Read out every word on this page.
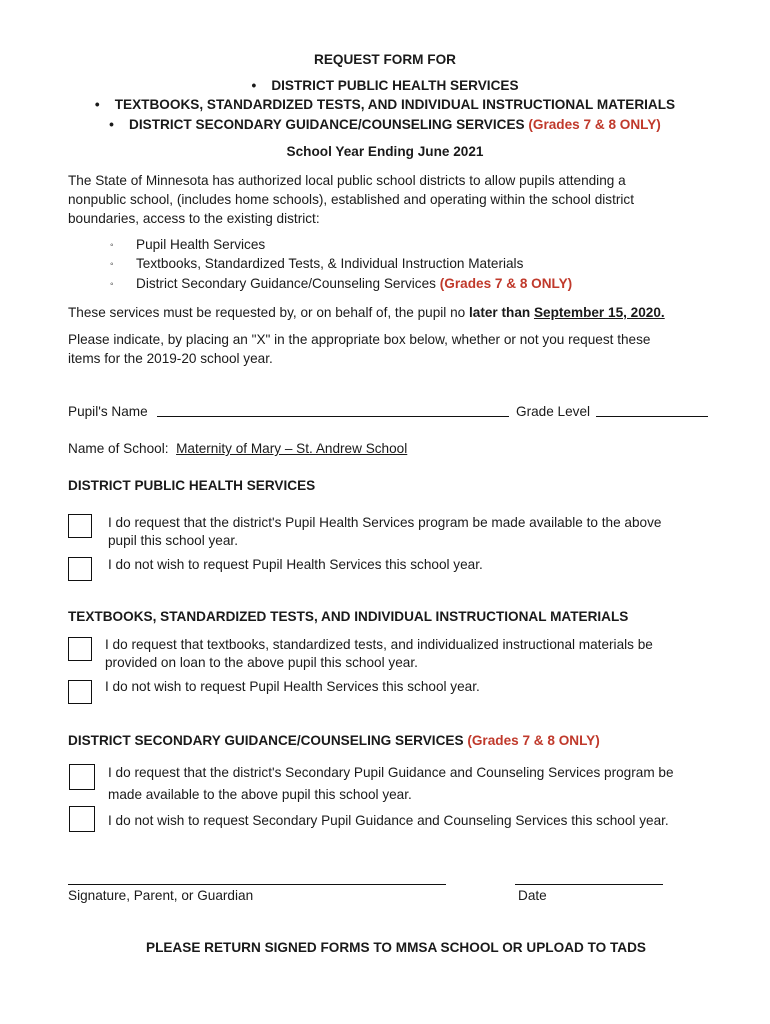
REQUEST FORM FOR
• DISTRICT PUBLIC HEALTH SERVICES
• TEXTBOOKS, STANDARDIZED TESTS, AND INDIVIDUAL INSTRUCTIONAL MATERIALS
• DISTRICT SECONDARY GUIDANCE/COUNSELING SERVICES (Grades 7 & 8 ONLY)
School Year Ending June 2021
The State of Minnesota has authorized local public school districts to allow pupils attending a
nonpublic school, (includes home schools), established and operating within the school district
boundaries, access to the existing district:
◦ Pupil Health Services
◦ Textbooks, Standardized Tests, & Individual Instruction Materials
◦ District Secondary Guidance/Counseling Services (Grades 7 & 8 ONLY)
These services must be requested by, or on behalf of, the pupil no later than September 15, 2020.
Please indicate, by placing an "X" in the appropriate box below, whether or not you request these
items for the 2019-20 school year.
Pupil's Name	Grade Level
Name of School: Maternity of Mary – St. Andrew School
DISTRICT PUBLIC HEALTH SERVICES
I do request that the district's Pupil Health Services program be made available to the above
pupil this school year.
I do not wish to request Pupil Health Services this school year.
TEXTBOOKS, STANDARDIZED TESTS, AND INDIVIDUAL INSTRUCTIONAL MATERIALS
I do request that textbooks, standardized tests, and individualized instructional materials be
provided on loan to the above pupil this school year.
I do not wish to request Pupil Health Services this school year.
DISTRICT SECONDARY GUIDANCE/COUNSELING SERVICES (Grades 7 & 8 ONLY)
I do request that the district's Secondary Pupil Guidance and Counseling Services program be
made available to the above pupil this school year.
I do not wish to request Secondary Pupil Guidance and Counseling Services this school year.
Signature, Parent, or Guardian	Date
PLEASE RETURN SIGNED FORMS TO MMSA SCHOOL OR UPLOAD TO TADS
